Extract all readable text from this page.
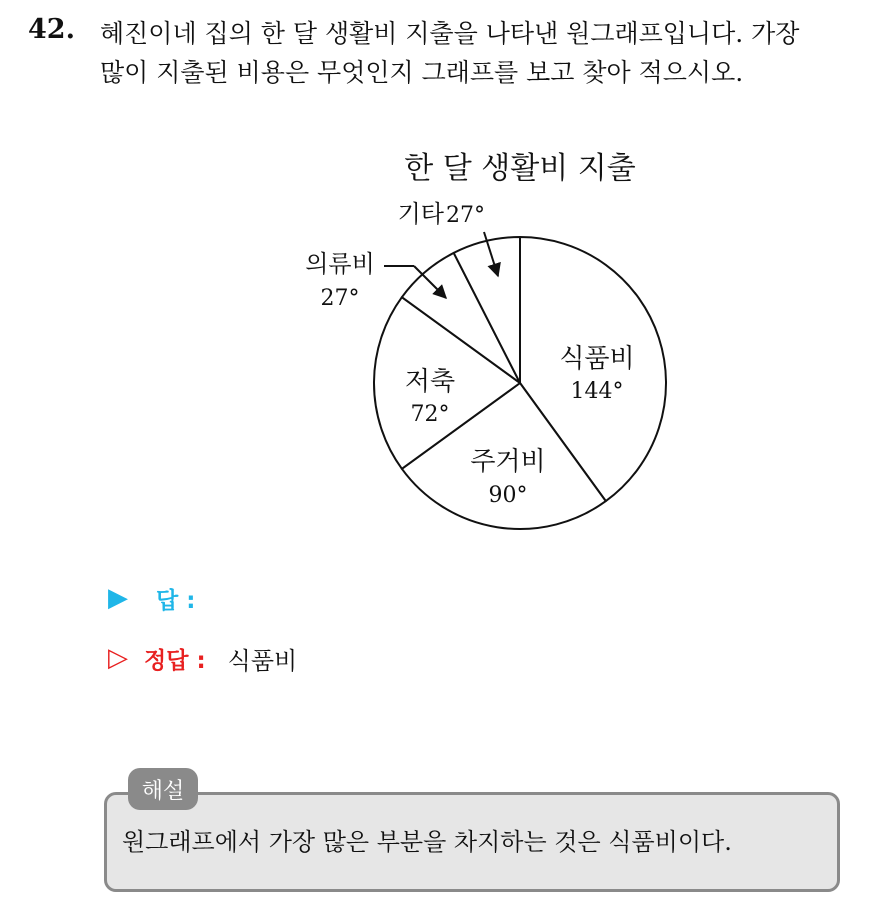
42. 혜진이네 집의 한 달 생활비 지출을 나타낸 원그래프입니다. 가장
많이 지출된 비용은 무엇인지 그래프를 보고 찾아 적으시오.
한 달 생활비 지출
식품비
144°
주거비
90°
저축
72°
의류비
27°
기타 27°
▶	답 :
▷ 정답 : 식품비
해설
원그래프에서 가장 많은 부분을 차지하는 것은 식품비이다.
